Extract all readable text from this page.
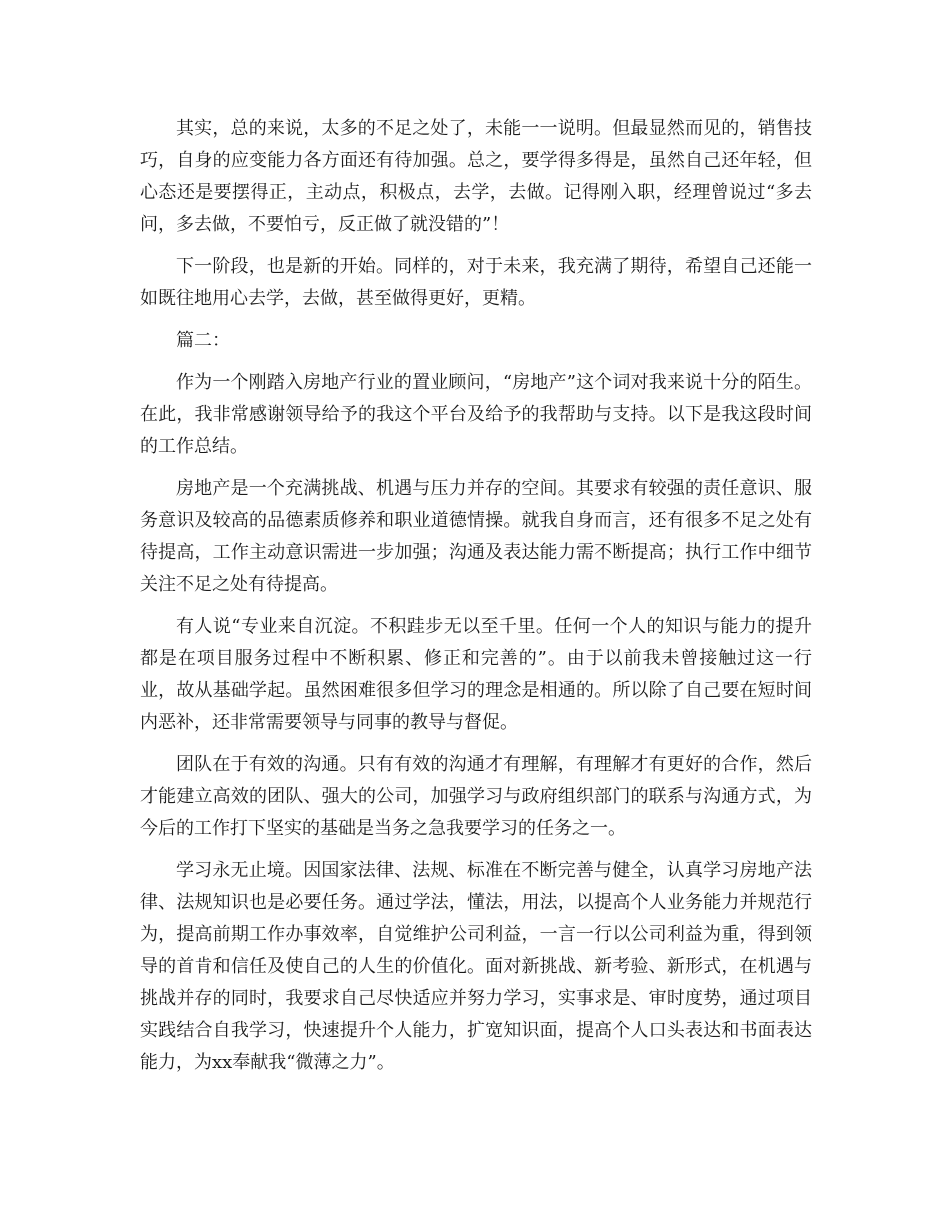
其实，总的来说，太多的不足之处了，未能一一说明。但最显然而见的，销售技巧，自身的应变能力各方面还有待加强。总之，要学得多得是，虽然自己还年轻，但心态还是要摆得正，主动点，积极点，去学，去做。记得刚入职，经理曾说过“多去问，多去做，不要怕亏，反正做了就没错的”！

下一阶段，也是新的开始。同样的，对于未来，我充满了期待，希望自己还能一如既往地用心去学，去做，甚至做得更好，更精。

篇二：

作为一个刚踏入房地产行业的置业顾问，“房地产”这个词对我来说十分的陌生。在此，我非常感谢领导给予的我这个平台及给予的我帮助与支持。以下是我这段时间的工作总结。

房地产是一个充满挑战、机遇与压力并存的空间。其要求有较强的责任意识、服务意识及较高的品德素质修养和职业道德情操。就我自身而言，还有很多不足之处有待提高，工作主动意识需进一步加强；沟通及表达能力需不断提高；执行工作中细节关注不足之处有待提高。

有人说“专业来自沉淀。不积跬步无以至千里。任何一个人的知识与能力的提升都是在项目服务过程中不断积累、修正和完善的”。由于以前我未曾接触过这一行业，故从基础学起。虽然困难很多但学习的理念是相通的。所以除了自己要在短时间内恶补，还非常需要领导与同事的教导与督促。

团队在于有效的沟通。只有有效的沟通才有理解，有理解才有更好的合作，然后才能建立高效的团队、强大的公司，加强学习与政府组织部门的联系与沟通方式，为今后的工作打下坚实的基础是当务之急我要学习的任务之一。

学习永无止境。因国家法律、法规、标准在不断完善与健全，认真学习房地产法律、法规知识也是必要任务。通过学法，懂法，用法，以提高个人业务能力并规范行为，提高前期工作办事效率，自觉维护公司利益，一言一行以公司利益为重，得到领导的首肯和信任及使自己的人生的价值化。面对新挑战、新考验、新形式，在机遇与挑战并存的同时，我要求自己尽快适应并努力学习，实事求是、审时度势，通过项目实践结合自我学习，快速提升个人能力，扩宽知识面，提高个人口头表达和书面表达能力，为xx奉献我“微薄之力”。
